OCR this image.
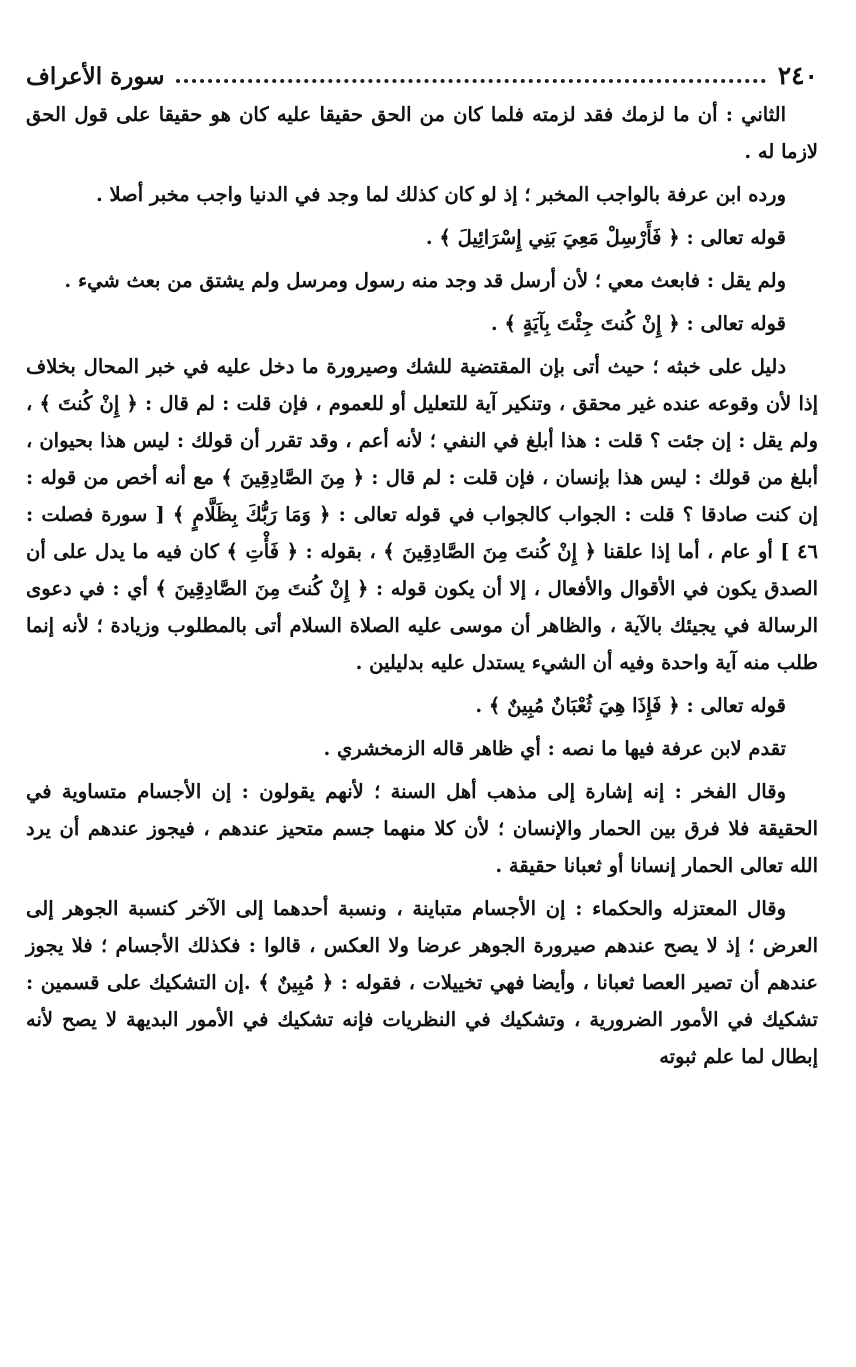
٢٤٠
سورة الأعراف

الثاني : أن ما لزمك فقد لزمته فلما كان من الحق حقيقا عليه كان هو حقيقا على قول الحق لازما له .

ورده ابن عرفة بالواجب المخبر ؛ إذ لو كان كذلك لما وجد في الدنيا واجب مخبر أصلا .

قوله تعالى : ﴿ فَأَرْسِلْ مَعِيَ بَنِي إِسْرَائِيلَ ﴾ .

ولم يقل : فابعث معي ؛ لأن أرسل قد وجد منه رسول ومرسل ولم يشتق من بعث شيء .

قوله تعالى : ﴿ إِنْ كُنتَ جِئْتَ بِآيَةٍ ﴾ .

دليل على خبثه ؛ حيث أتى بإن المقتضية للشك وصيرورة ما دخل عليه في خبر المحال بخلاف إذا لأن وقوعه عنده غير محقق ، وتنكير آية للتعليل أو للعموم ، فإن قلت : لم قال : ﴿ إِنْ كُنتَ ﴾ ، ولم يقل : إن جئت ؟ قلت : هذا أبلغ في النفي ؛ لأنه أعم ، وقد تقرر أن قولك : ليس هذا بحيوان ، أبلغ من قولك : ليس هذا بإنسان ، فإن قلت : لم قال : ﴿ مِنَ الصَّادِقِينَ ﴾ مع أنه أخص من قوله : إن كنت صادقا ؟ قلت : الجواب كالجواب في قوله تعالى : ﴿ وَمَا رَبُّكَ بِظَلَّامٍ ﴾ [ سورة فصلت : ٤٦ ] أو عام ، أما إذا علقنا ﴿ إِنْ كُنتَ مِنَ الصَّادِقِينَ ﴾ ، بقوله : ﴿ فَأْتِ ﴾ كان فيه ما يدل على أن الصدق يكون في الأقوال والأفعال ، إلا أن يكون قوله : ﴿ إِنْ كُنتَ مِنَ الصَّادِقِينَ ﴾ أي : في دعوى الرسالة في يجيئك بالآية ، والظاهر أن موسى عليه الصلاة السلام أتى بالمطلوب وزيادة ؛ لأنه إنما طلب منه آية واحدة وفيه أن الشيء يستدل عليه بدليلين .

قوله تعالى : ﴿ فَإِذَا هِيَ ثُعْبَانٌ مُبِينٌ ﴾ .

تقدم لابن عرفة فيها ما نصه : أي ظاهر قاله الزمخشري .

وقال الفخر : إنه إشارة إلى مذهب أهل السنة ؛ لأنهم يقولون : إن الأجسام متساوية في الحقيقة فلا فرق بين الحمار والإنسان ؛ لأن كلا منهما جسم متحيز عندهم ، فيجوز عندهم أن يرد الله تعالى الحمار إنسانا أو ثعبانا حقيقة .

وقال المعتزله والحكماء : إن الأجسام متباينة ، ونسبة أحدهما إلى الآخر كنسبة الجوهر إلى العرض ؛ إذ لا يصح عندهم صيرورة الجوهر عرضا ولا العكس ، قالوا : فكذلك الأجسام ؛ فلا يجوز عندهم أن تصير العصا ثعبانا ، وأيضا فهي تخييلات ، فقوله : ﴿ مُبِينٌ ﴾ .إن التشكيك على قسمين : تشكيك في الأمور الضرورية ، وتشكيك في النظريات فإنه تشكيك في الأمور البديهة لا يصح لأنه إبطال لما علم ثبوته
